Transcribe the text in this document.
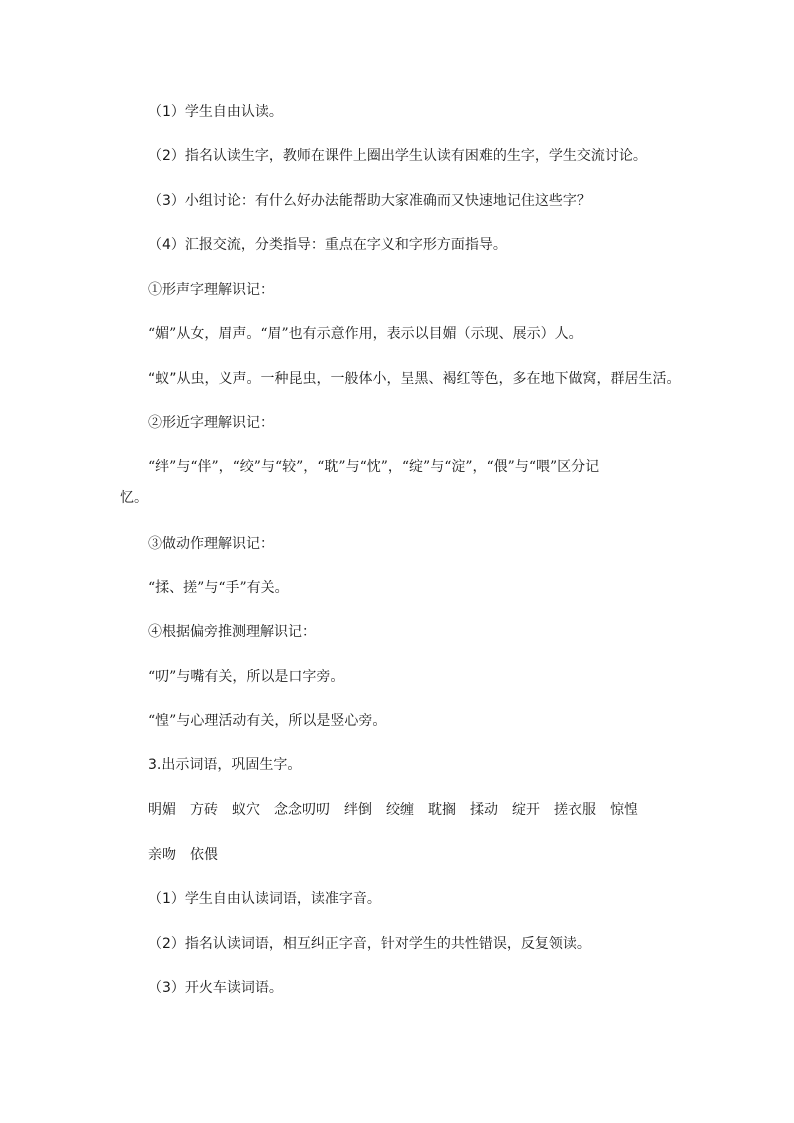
（1）学生自由认读。
（2）指名认读生字，教师在课件上圈出学生认读有困难的生字，学生交流讨论。
（3）小组讨论：有什么好办法能帮助大家准确而又快速地记住这些字？
（4）汇报交流，分类指导：重点在字义和字形方面指导。
①形声字理解识记：
“媚”从女，眉声。“眉”也有示意作用，表示以目媚（示现、展示）人。
“蚁”从虫，义声。一种昆虫，一般体小，呈黑、褐红等色，多在地下做窝，群居生活。
②形近字理解识记：
“绊”与“伴”，“绞”与“较”，“耽”与“忱”，“绽”与“淀”，“偎”与“喂”区分记
忆。
③做动作理解识记：
“揉、搓”与“手”有关。
④根据偏旁推测理解识记：
“叨”与嘴有关，所以是口字旁。
“惶”与心理活动有关，所以是竖心旁。
3.出示词语，巩固生字。
明媚 方砖 蚁穴 念念叨叨 绊倒 绞缠 耽搁 揉动 绽开 搓衣服 惊惶
亲吻 依偎
（1）学生自由认读词语，读准字音。
（2）指名认读词语，相互纠正字音，针对学生的共性错误，反复领读。
（3）开火车读词语。
